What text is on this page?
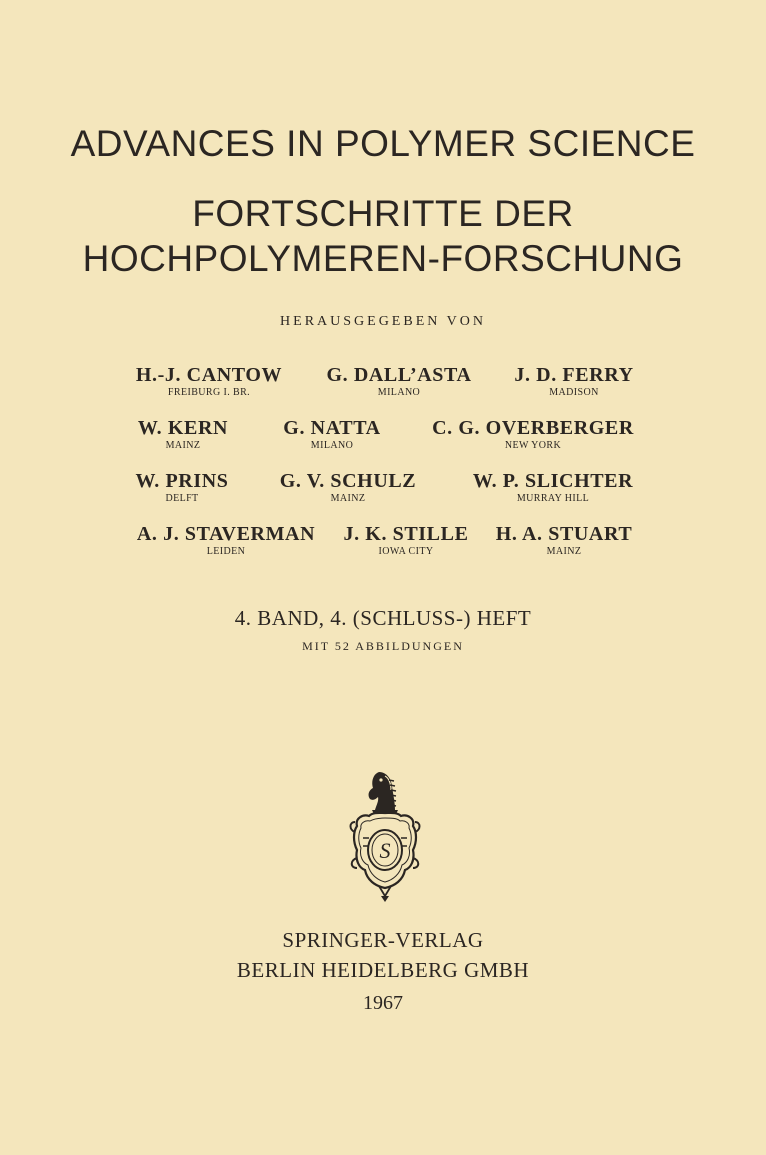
ADVANCES IN POLYMER SCIENCE
FORTSCHRITTE DER
HOCHPOLYMEREN-FORSCHUNG
HERAUSGEGEBEN VON
H.-J. CANTOW
FREIBURG I. BR.
G. DALL’ASTA
MILANO
J. D. FERRY
MADISON
W. KERN
MAINZ
G. NATTA
MILANO
C. G. OVERBERGER
NEW YORK
W. PRINS
DELFT
G. V. SCHULZ
MAINZ
W. P. SLICHTER
MURRAY HILL
A. J. STAVERMAN
LEIDEN
J. K. STILLE
IOWA CITY
H. A. STUART
MAINZ
4. BAND, 4. (SCHLUSS-) HEFT
MIT 52 ABBILDUNGEN
S
SPRINGER-VERLAG
BERLIN HEIDELBERG GMBH
1967
